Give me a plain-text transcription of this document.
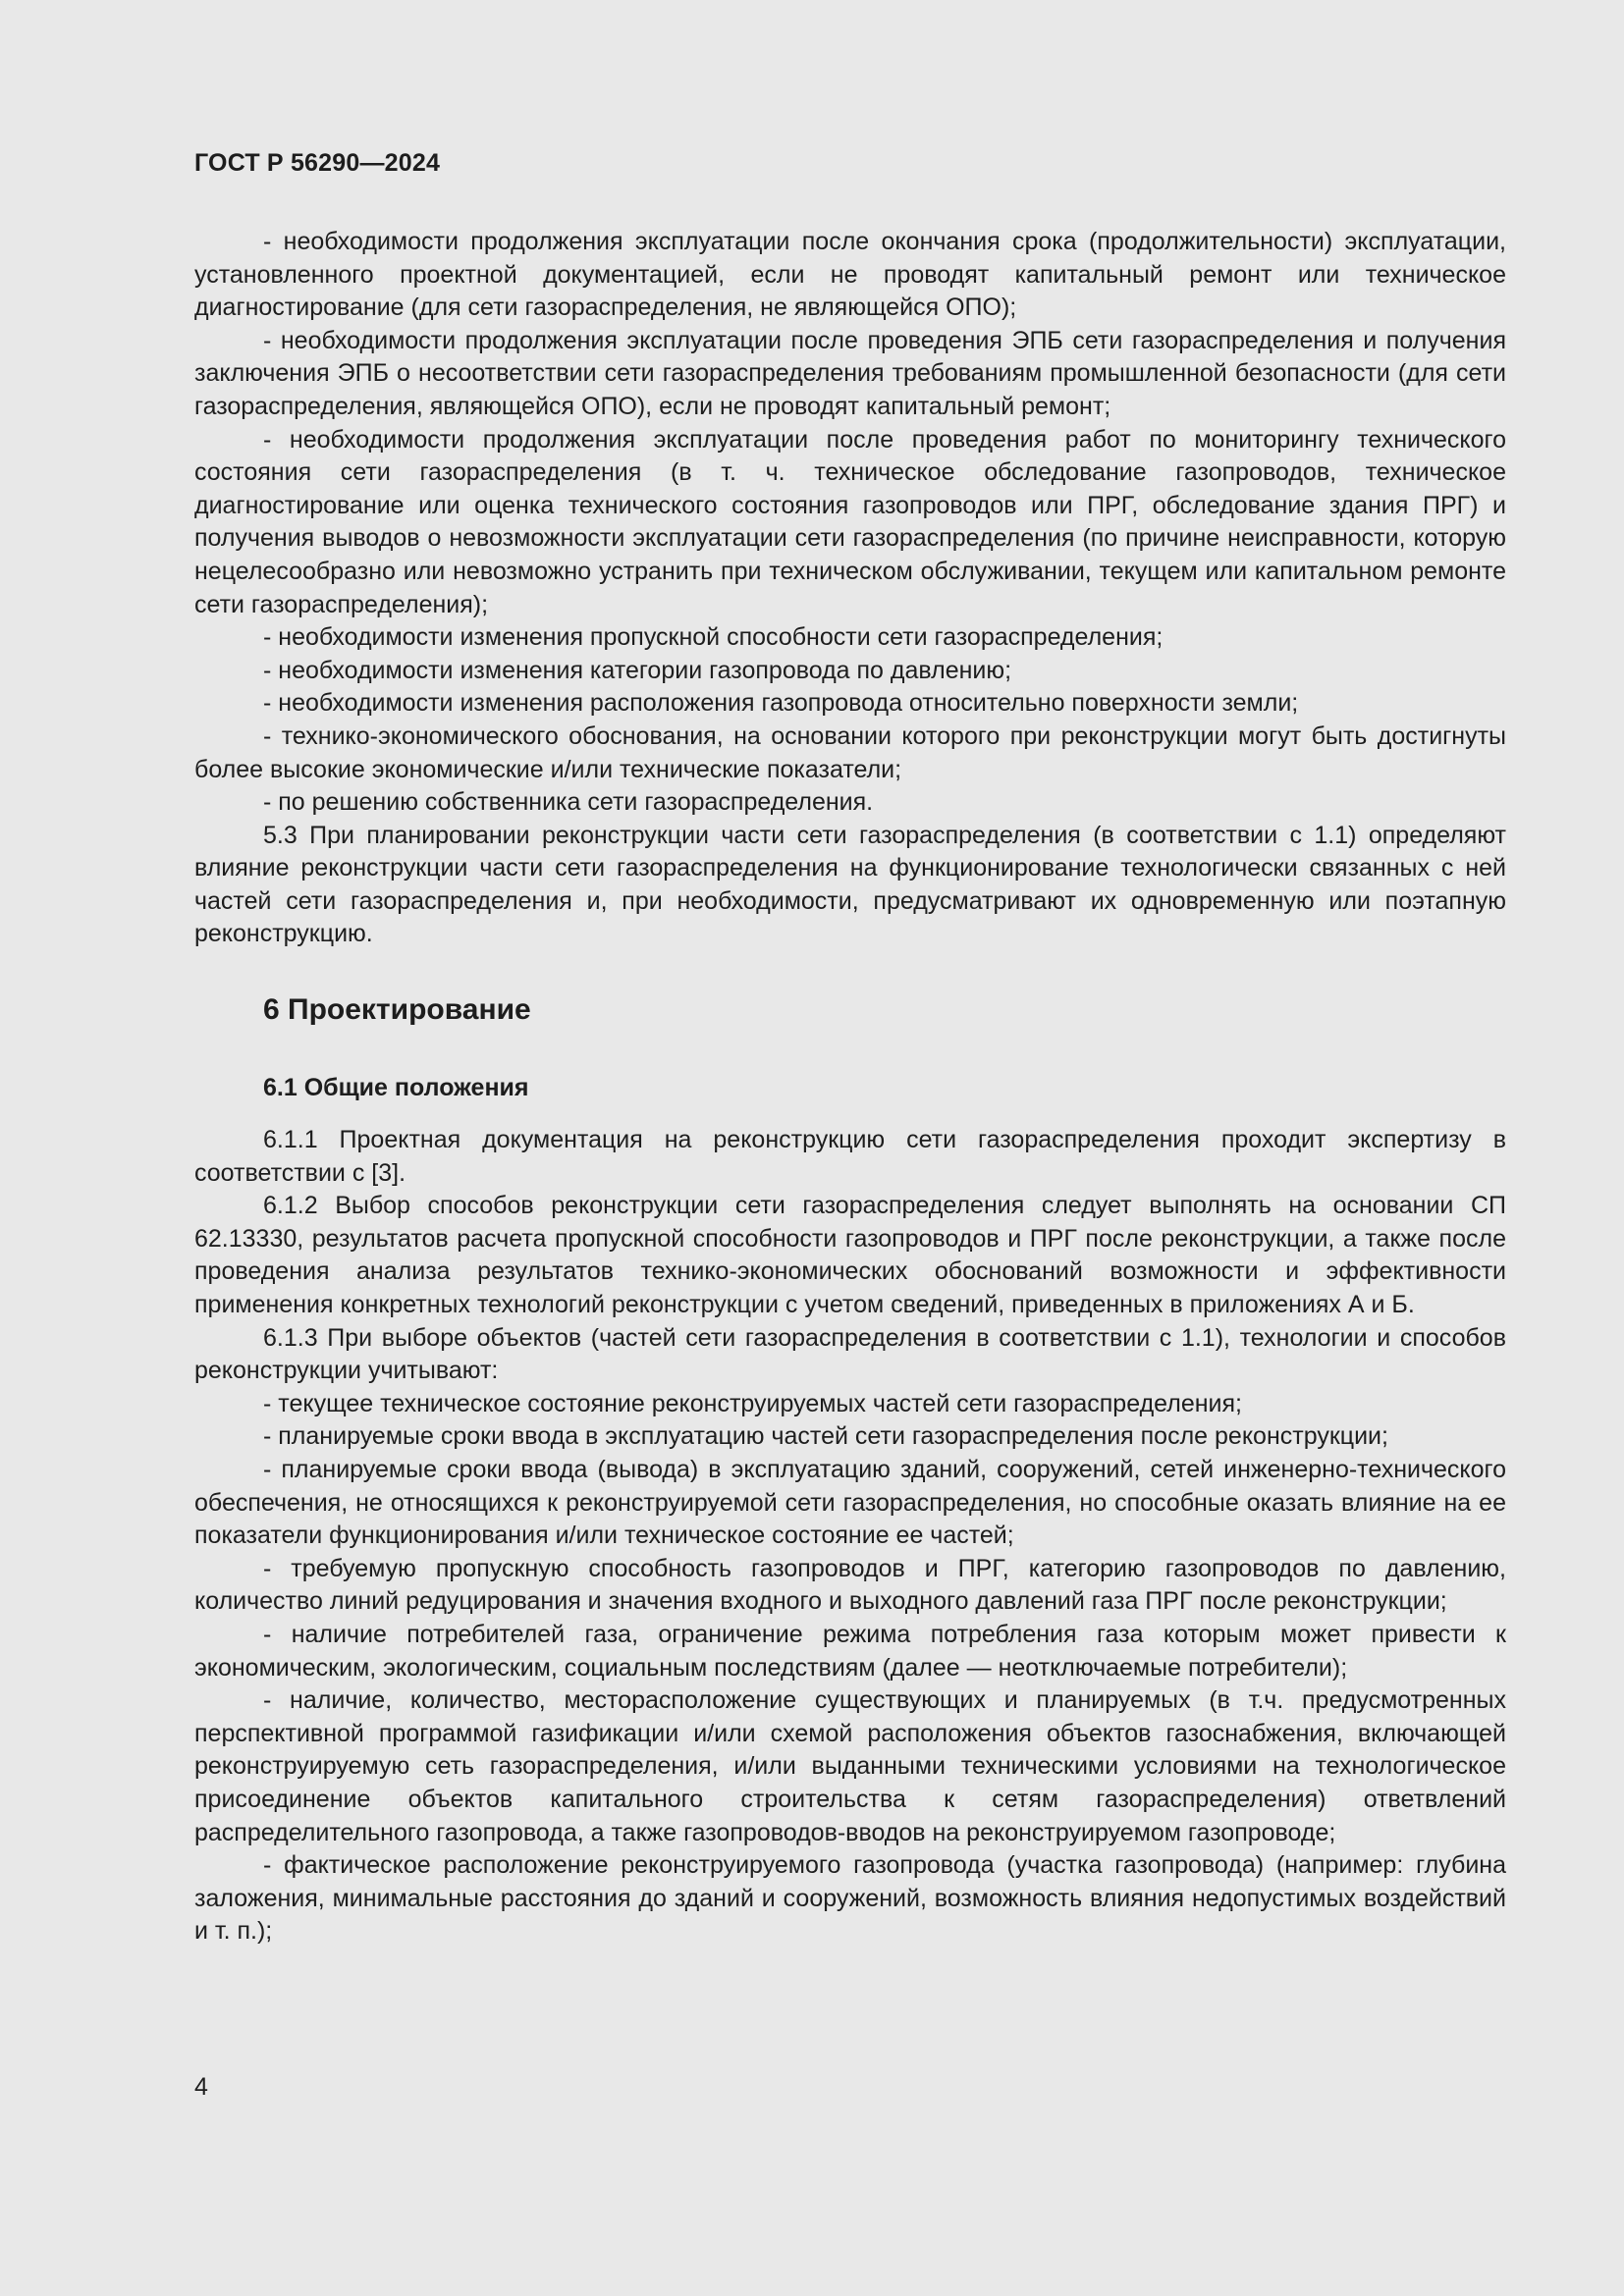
ГОСТ Р 56290—2024

- необходимости продолжения эксплуатации после окончания срока (продолжительности) эксплуатации, установленного проектной документацией, если не проводят капитальный ремонт или техническое диагностирование (для сети газораспределения, не являющейся ОПО);

- необходимости продолжения эксплуатации после проведения ЭПБ сети газораспределения и получения заключения ЭПБ о несоответствии сети газораспределения требованиям промышленной безопасности (для сети газораспределения, являющейся ОПО), если не проводят капитальный ремонт;

- необходимости продолжения эксплуатации после проведения работ по мониторингу технического состояния сети газораспределения (в т. ч. техническое обследование газопроводов, техническое диагностирование или оценка технического состояния газопроводов или ПРГ, обследование здания ПРГ) и получения выводов о невозможности эксплуатации сети газораспределения (по причине неисправности, которую нецелесообразно или невозможно устранить при техническом обслуживании, текущем или капитальном ремонте сети газораспределения);

- необходимости изменения пропускной способности сети газораспределения;

- необходимости изменения категории газопровода по давлению;

- необходимости изменения расположения газопровода относительно поверхности земли;

- технико-экономического обоснования, на основании которого при реконструкции могут быть достигнуты более высокие экономические и/или технические показатели;

- по решению собственника сети газораспределения.

5.3 При планировании реконструкции части сети газораспределения (в соответствии с 1.1) определяют влияние реконструкции части сети газораспределения на функционирование технологически связанных с ней частей сети газораспределения и, при необходимости, предусматривают их одновременную или поэтапную реконструкцию.

6 Проектирование
6.1 Общие положения

6.1.1 Проектная документация на реконструкцию сети газораспределения проходит экспертизу в соответствии с [3].

6.1.2 Выбор способов реконструкции сети газораспределения следует выполнять на основании СП 62.13330, результатов расчета пропускной способности газопроводов и ПРГ после реконструкции, а также после проведения анализа результатов технико-экономических обоснований возможности и эффективности применения конкретных технологий реконструкции с учетом сведений, приведенных в приложениях А и Б.

6.1.3 При выборе объектов (частей сети газораспределения в соответствии с 1.1), технологии и способов реконструкции учитывают:

- текущее техническое состояние реконструируемых частей сети газораспределения;

- планируемые сроки ввода в эксплуатацию частей сети газораспределения после реконструкции;

- планируемые сроки ввода (вывода) в эксплуатацию зданий, сооружений, сетей инженерно-технического обеспечения, не относящихся к реконструируемой сети газораспределения, но способные оказать влияние на ее показатели функционирования и/или техническое состояние ее частей;

- требуемую пропускную способность газопроводов и ПРГ, категорию газопроводов по давлению, количество линий редуцирования и значения входного и выходного давлений газа ПРГ после реконструкции;

- наличие потребителей газа, ограничение режима потребления газа которым может привести к экономическим, экологическим, социальным последствиям (далее — неотключаемые потребители);

- наличие, количество, месторасположение существующих и планируемых (в т.ч. предусмотренных перспективной программой газификации и/или схемой расположения объектов газоснабжения, включающей реконструируемую сеть газораспределения, и/или выданными техническими условиями на технологическое присоединение объектов капитального строительства к сетям газораспределения) ответвлений распределительного газопровода, а также газопроводов-вводов на реконструируемом газопроводе;

- фактическое расположение реконструируемого газопровода (участка газопровода) (например: глубина заложения, минимальные расстояния до зданий и сооружений, возможность влияния недопустимых воздействий и т. п.);

4
